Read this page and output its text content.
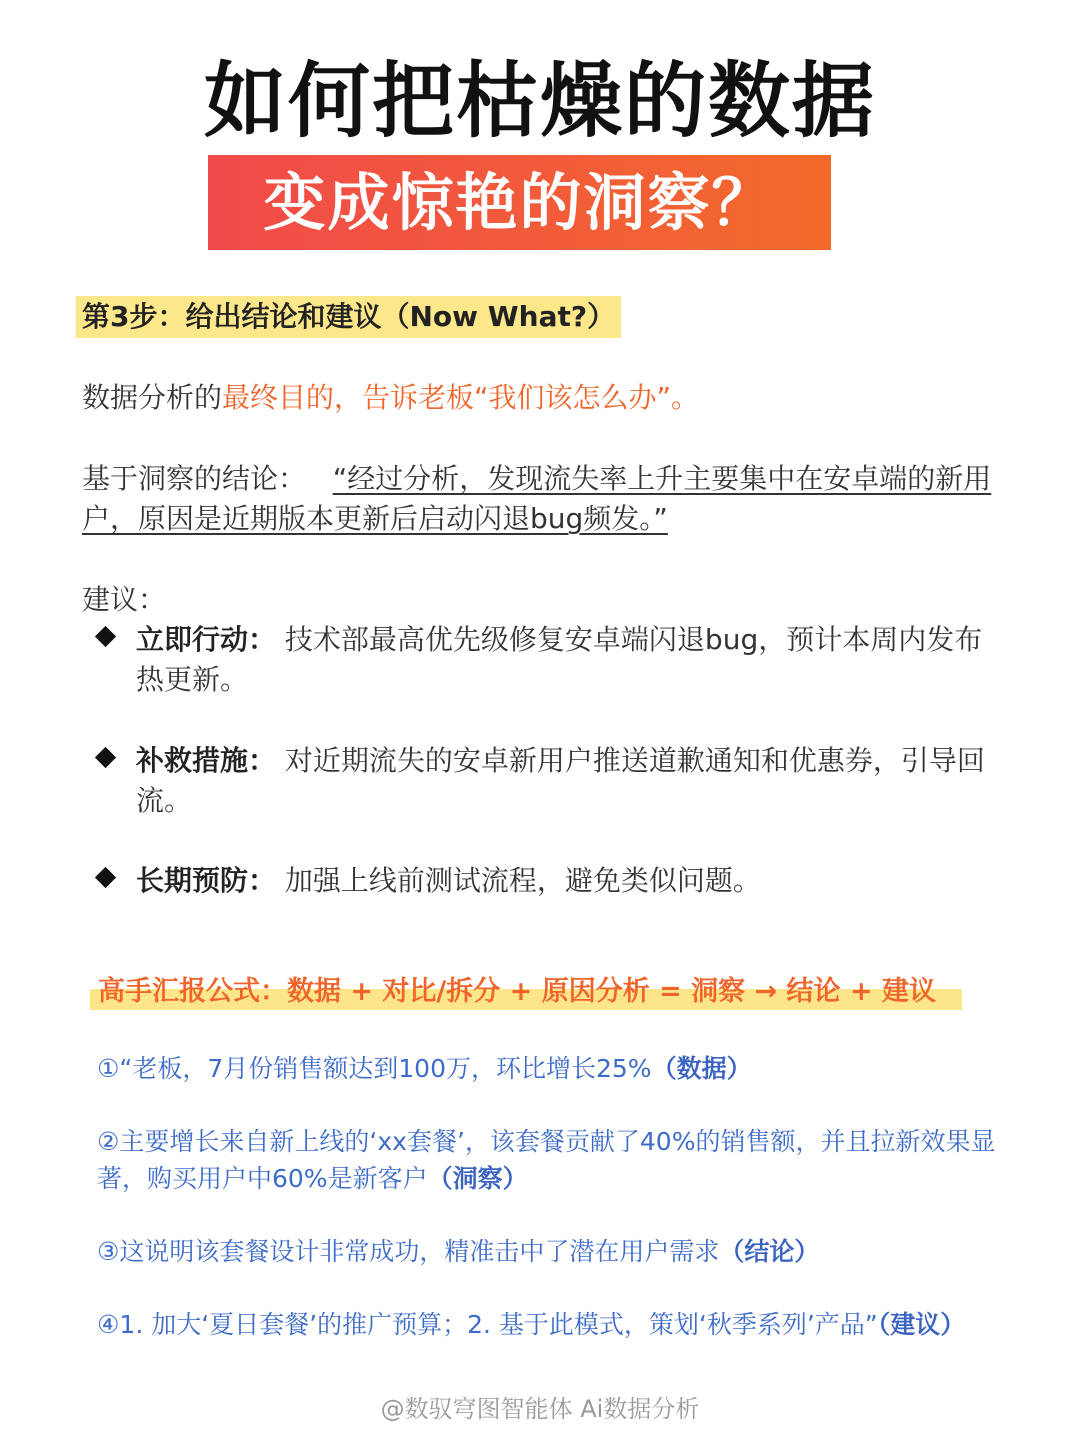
如何把枯燥的数据
变成惊艳的洞察？
第3步：给出结论和建议（Now What?）
数据分析的最终目的，告诉老板“我们该怎么办”。
基于洞察的结论： “经过分析，发现流失率上升主要集中在安卓端的新用户，原因是近期版本更新后启动闪退bug频发。”
建议：
立即行动： 技术部最高优先级修复安卓端闪退bug，预计本周内发布热更新。
补救措施： 对近期流失的安卓新用户推送道歉通知和优惠券，引导回流。
长期预防： 加强上线前测试流程，避免类似问题。
高手汇报公式：数据 + 对比/拆分 + 原因分析 = 洞察 → 结论 + 建议
①“老板，7月份销售额达到100万，环比增长25%（数据）
②主要增长来自新上线的‘xx套餐’，该套餐贡献了40%的销售额，并且拉新效果显著，购买用户中60%是新客户（洞察）
③这说明该套餐设计非常成功，精准击中了潜在用户需求（结论）
④1. 加大‘夏日套餐’的推广预算；2. 基于此模式，策划‘秋季系列’产品”（建议）
@数驭穹图智能体 Ai数据分析
